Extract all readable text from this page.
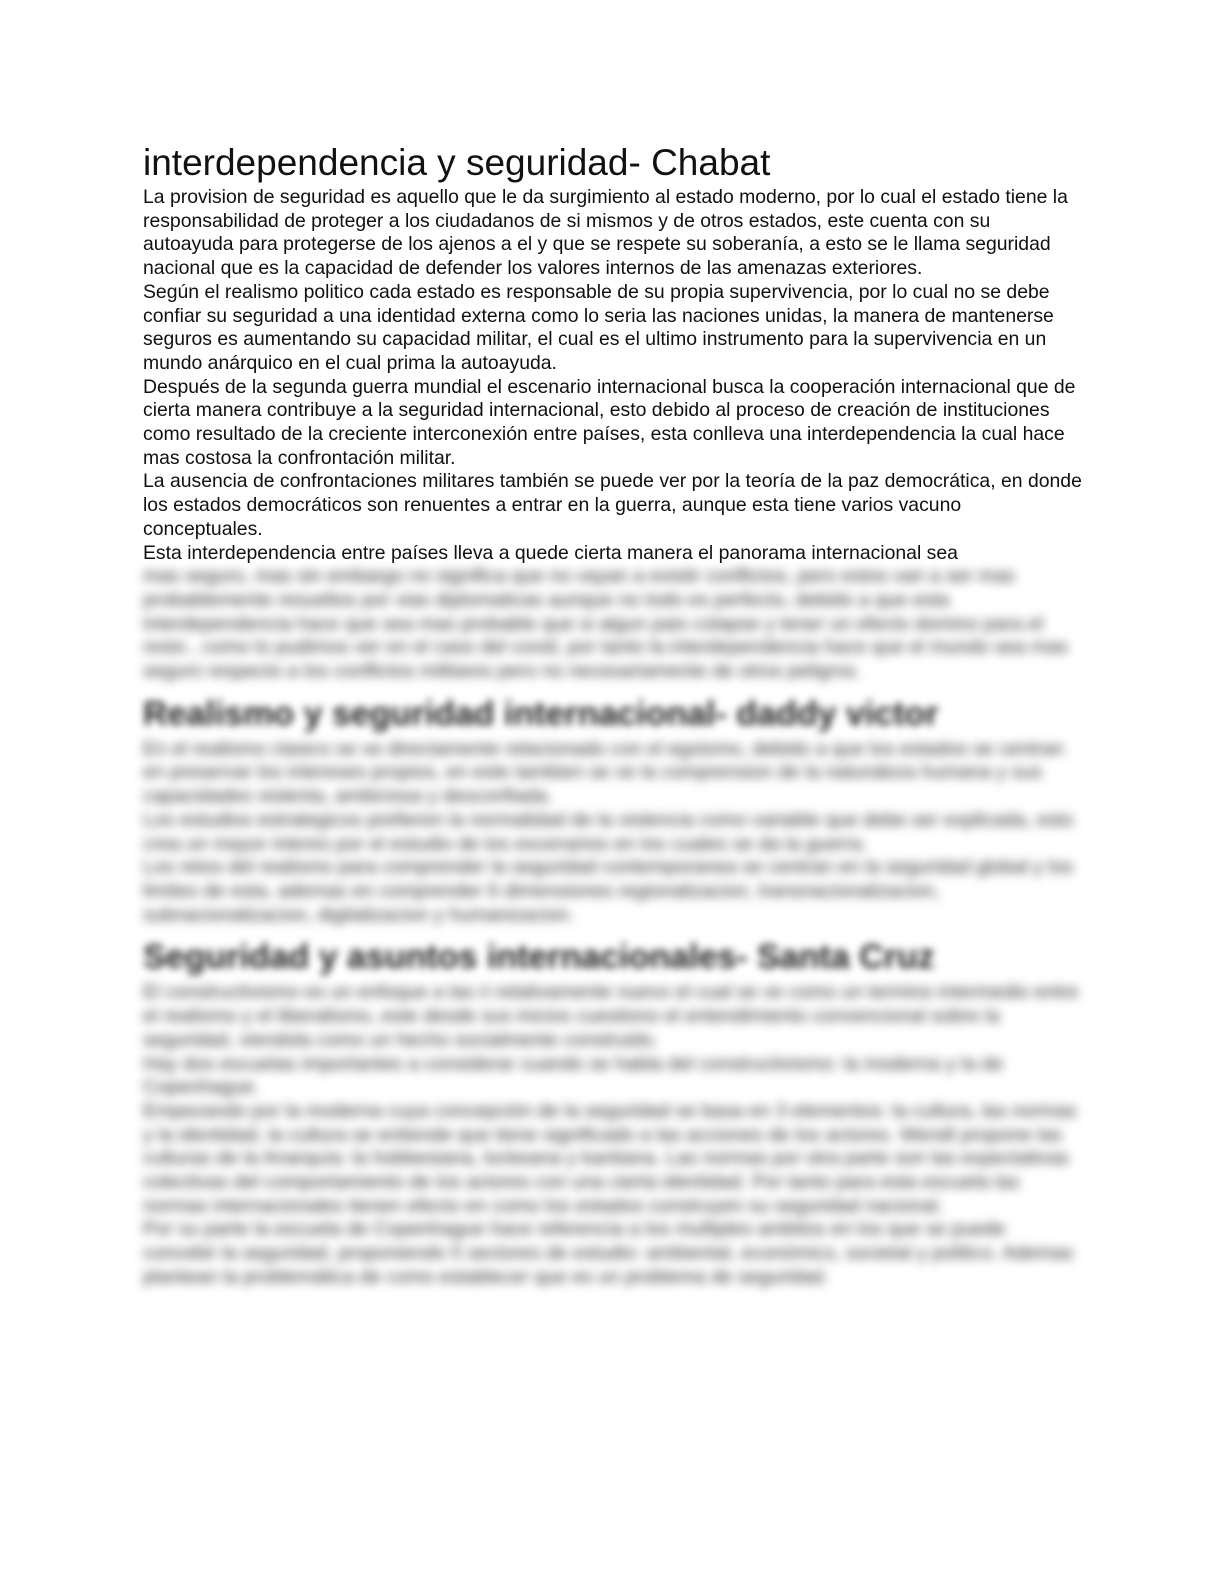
interdependencia y seguridad- Chabat

La provision de seguridad es aquello que le da surgimiento al estado moderno, por lo cual el estado tiene la responsabilidad de proteger a los ciudadanos de si mismos y de otros estados, este cuenta con su autoayuda para protegerse de los ajenos a el y que se respete su soberanía, a esto se le llama seguridad nacional que es la capacidad de defender los valores internos de las amenazas exteriores.

Según el realismo politico cada estado es responsable de su propia supervivencia, por lo cual no se debe confiar su seguridad a una identidad externa como lo seria las naciones unidas, la manera de mantenerse seguros es aumentando su capacidad militar, el cual es el ultimo instrumento para la supervivencia en un mundo anárquico en el cual prima la autoayuda.

Después de la segunda guerra mundial el escenario internacional busca la cooperación internacional que de cierta manera contribuye a la seguridad internacional, esto debido al proceso de creación de instituciones como resultado de la creciente interconexión entre países, esta conlleva una interdependencia la cual hace mas costosa la confrontación militar.

La ausencia de confrontaciones militares también se puede ver por la teoría de la paz democrática, en donde los estados democráticos son renuentes a entrar en la guerra, aunque esta tiene varios vacuno conceptuales.

Esta interdependencia entre países lleva a quede cierta manera el panorama internacional sea

mas seguro, mas sin embargo no significa que no vayan a existir conflictos, pero estos van a ser mas probablemente resueltos por vias diplomaticas aunque no todo es perfecto, debido a que esta interdependencia hace que sea mas probable que si algun pais colapse y tener un efecto domino para el resto , como lo pudimos ver en el caso del covid, por tanto la interdependencia hace que el mundo sea mas seguro respecto a los conflictos militares pero no necesariamente de otros peligros.

Realismo y seguridad internacional- daddy victor

En el realismo clasico se ve directamente relacionado con el egoismo, debido a que los estados se centran en preservar los intereses propios, en este tambien se ve la comprension de la naturaleza humana y sus capacidades violenta, ambiciosa y desconfiada.

Los estudios estrategicos prefieren la normalidad de la violencia como variable que debe ser explicada, esto crea un mayor interes por el estudio de los escenarios en los cuales se da la guerra.

Los retos del realismo para comprender la seguridad contemporanea se centran en la seguridad global y los limites de esta, ademas en comprender 6 dimensiones regionalizacion, transnacionalizacion, subnacionalizacion, digitalizacion y humanizacion.

Seguridad y asuntos internacionales- Santa Cruz

El constructivismo es un enfoque a las ri relativamente nuevo el cual se ve como un termino intermedio entre el realismo y el liberalismo, este desde sus inicios cuestiono el entendimiento convencional sobre la seguridad, viendola como un hecho socialmente construido.

Hay dos escuelas importantes a considerar cuando se habla del constructivismo: la moderna y la de Copenhague.

Empezando por la moderna cuya concepción de la seguridad se basa en 3 elementos: la cultura, las normas y la identidad, la cultura se entiende que tiene significado a las acciones de los actores. Wendt propone las culturas de la Anarquía: la hobbesiana, lockeana y kantiana. Las normas por otra parte son las expectativas colectivas del comportamiento de los actores con una cierta identidad. Por tanto para esta escuela las normas internacionales tienen efecto en como los estados construyen su seguridad nacional.

Por su parte la escuela de Copenhague hace referencia a los multiples ambitos en los que se puede concebir la seguridad, proponiendo 5 sectores de estudio: ambiental, económico, societal y politico. Ademas plantean la problemática de como establecer que es un problema de seguridad.
